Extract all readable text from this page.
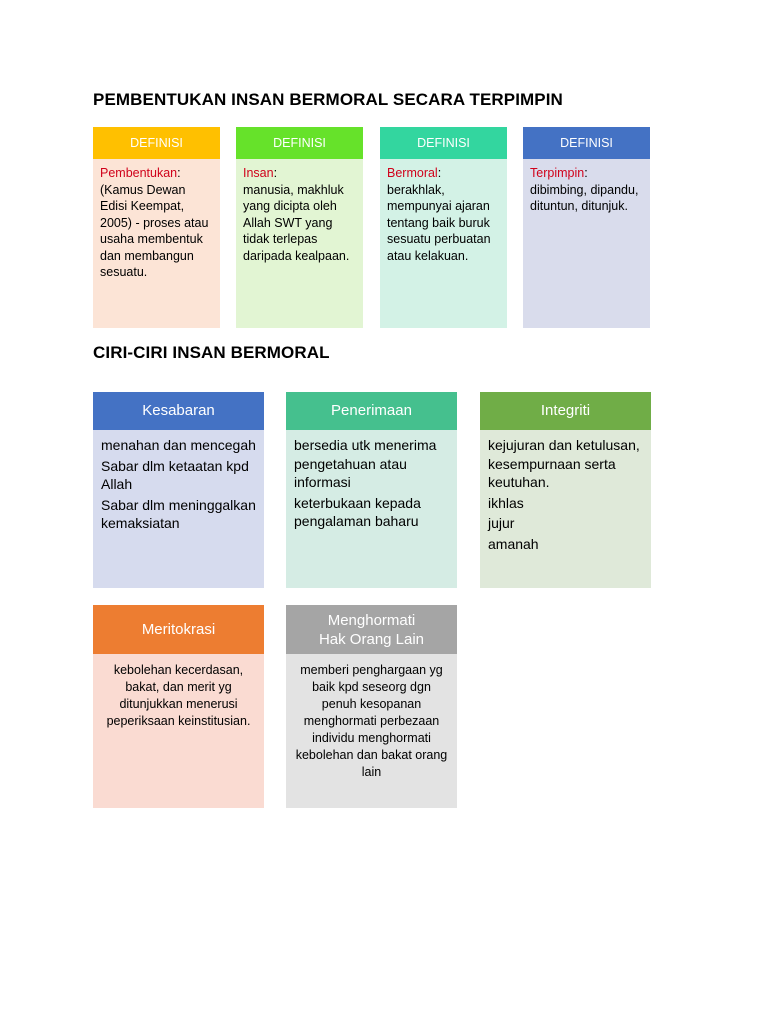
PEMBENTUKAN INSAN BERMORAL SECARA TERPIMPIN
DEFINISI
Pembentukan:
(Kamus Dewan Edisi Keempat, 2005) - proses atau usaha membentuk dan membangun sesuatu.
DEFINISI
Insan:
manusia, makhluk yang dicipta oleh Allah SWT yang tidak terlepas daripada kealpaan.
DEFINISI
Bermoral:
berakhlak, mempunyai ajaran tentang baik buruk sesuatu perbuatan atau kelakuan.
DEFINISI
Terpimpin:
dibimbing, dipandu, dituntun, ditunjuk.
CIRI-CIRI INSAN BERMORAL
Kesabaran
menahan dan mencegah
Sabar dlm ketaatan kpd Allah
Sabar dlm meninggalkan kemaksiatan
Penerimaan
bersedia utk menerima pengetahuan atau informasi
keterbukaan kepada pengalaman baharu
Integriti
kejujuran dan ketulusan, kesempurnaan serta keutuhan.
ikhlas
jujur
amanah
Meritokrasi
kebolehan kecerdasan, bakat, dan merit yg ditunjukkan menerusi peperiksaan keinstitusian.
Menghormati Hak Orang Lain
memberi penghargaan yg baik kpd seseorg dgn penuh kesopanan menghormati perbezaan individu menghormati kebolehan dan bakat orang lain
